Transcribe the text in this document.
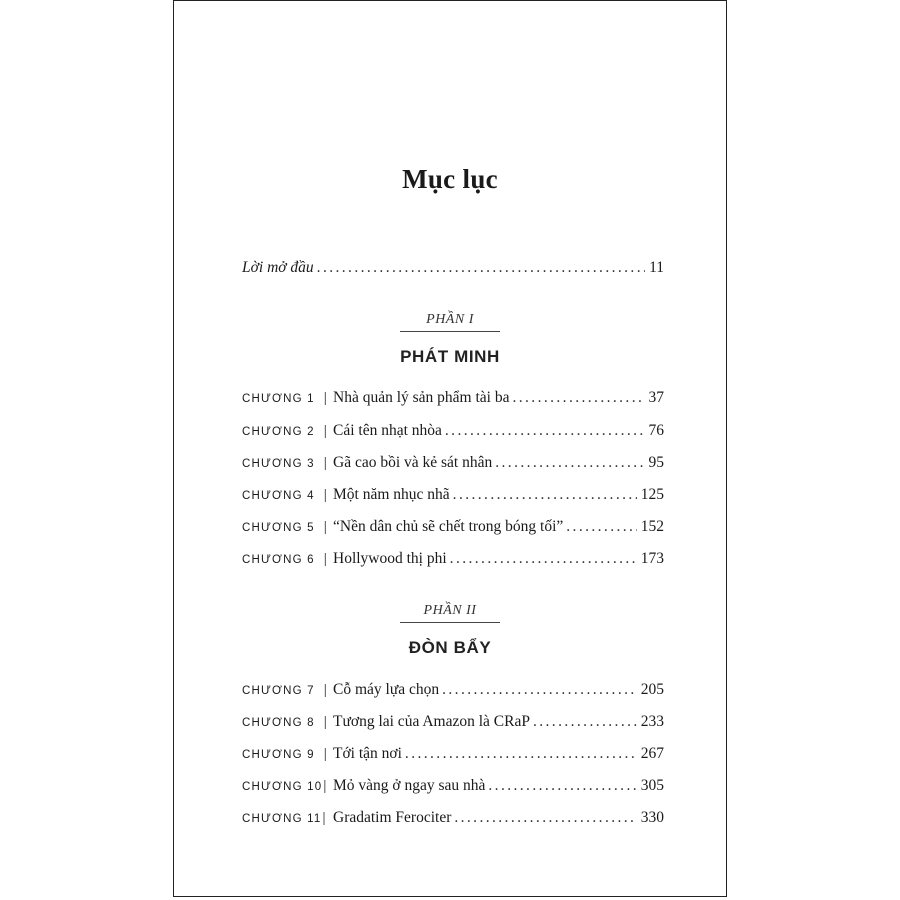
Mục lục
Lời mở đầu .....	11
PHẦN I
PHÁT MINH
CHƯƠNG 1 | Nhà quản lý sản phẩm tài ba .....	37
CHƯƠNG 2 | Cái tên nhạt nhòa .....	76
CHƯƠNG 3 | Gã cao bồi và kẻ sát nhân .....	95
CHƯƠNG 4 | Một năm nhục nhã .....	125
CHƯƠNG 5 | “Nền dân chủ sẽ chết trong bóng tối” .....	152
CHƯƠNG 6 | Hollywood thị phi .....	173
PHẦN II
ĐÒN BẨY
CHƯƠNG 7 | Cỗ máy lựa chọn .....	205
CHƯƠNG 8 | Tương lai của Amazon là CRaP .....	233
CHƯƠNG 9 | Tới tận nơi .....	267
CHƯƠNG 10 | Mỏ vàng ở ngay sau nhà .....	305
CHƯƠNG 11 | Gradatim Ferociter .....	330
